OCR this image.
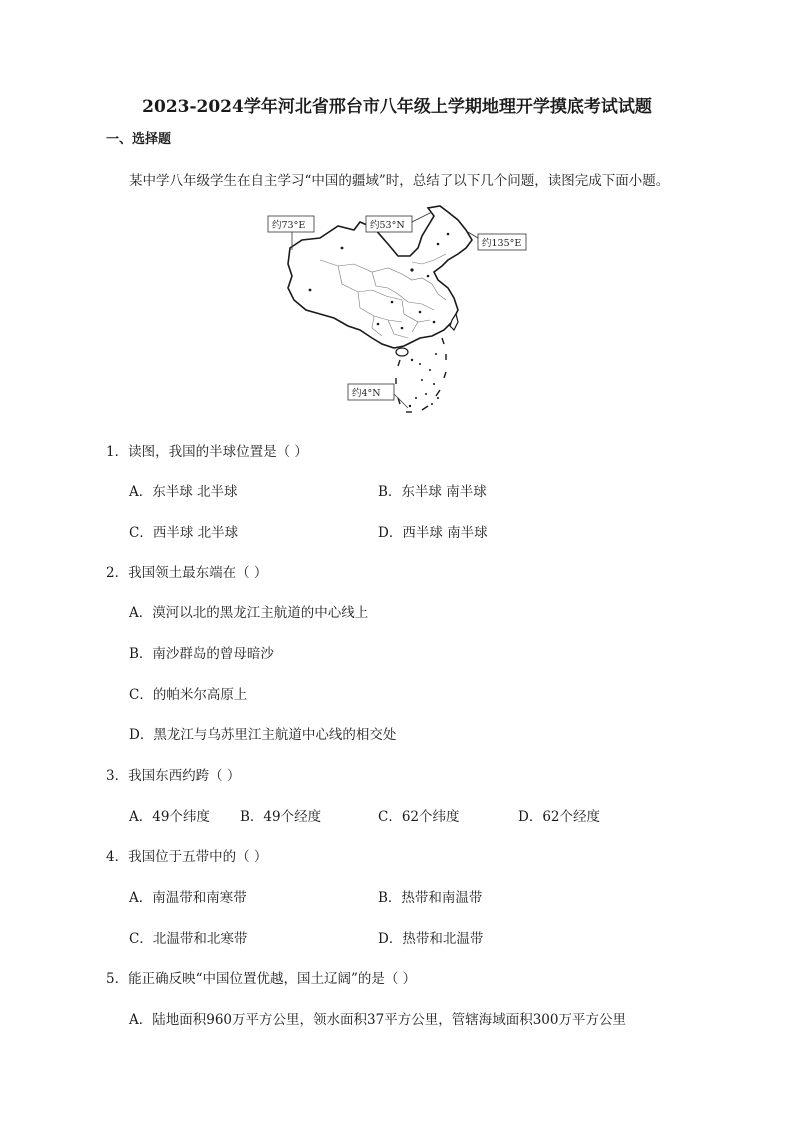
2023-2024学年河北省邢台市八年级上学期地理开学摸底考试试题
一、选择题
某中学八年级学生在自主学习“中国的疆域”时，总结了以下几个问题，读图完成下面小题。
约73°E	约53°N
约135°E
约4°N
1．读图，我国的半球位置是（ ）
A．东半球 北半球	B．东半球 南半球
C．西半球 北半球	D．西半球 南半球
2．我国领土最东端在（ ）
A．漠河以北的黑龙江主航道的中心线上
B．南沙群岛的曾母暗沙
C．的帕米尔高原上
D．黑龙江与乌苏里江主航道中心线的相交处
3．我国东西约跨（ ）
A．49个纬度 B．49个经度	C．62个纬度	D．62个经度
4．我国位于五带中的（ ）
A．南温带和南寒带	B．热带和南温带
C．北温带和北寒带	D．热带和北温带
5．能正确反映“中国位置优越，国土辽阔”的是（ ）
A．陆地面积960万平方公里，领水面积37平方公里，管辖海域面积300万平方公里
